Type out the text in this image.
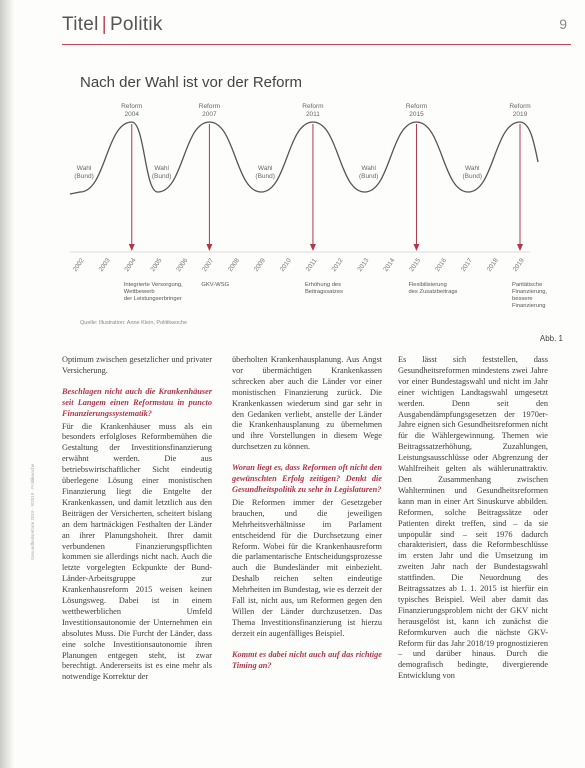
Titel | Politik	9
Nach der Wahl ist vor der Reform
Reform 2004
Reform 2007
Reform 2011
Reform 2015
Reform 2019
Wahl (Bund)
Wahl (Bund)
Wahl (Bund)
Wahl (Bund)
Wahl (Bund)
2002 2003 2004 2005 2006 2007 2008 2009 2010 2011 2012 2013 2014 2015 2016 2017 2018 2019
Integrierte Versorgung, Wettbewerb der Leistungserbringer
GKV-WSG	Erhöhung des Beitragssatzes
Flexibilisierung des Zusatzbeitrags
Paritätische Finanzierung, bessere Finanzierung
Quelle: Illustration: Anne Klein, Politikwoche
Abb. 1
Gesundheitsreform 2019 · 9/2019 · Politikwoche

Optimum zwischen gesetzlicher und privater Versicherung.

Beschlagen nicht auch die Krankenhäuser seit Langem einen Reformstau in puncto Finanzierungssystematik?

Für die Krankenhäuser muss als ein besonders erfolgloses Reformbemühen die Gestaltung der Investitionsfinanzierung erwähnt werden. Die aus betriebswirtschaftlicher Sicht eindeutig überlegene Lösung einer monistischen Finanzierung liegt die Entgelte der Krankenkassen, und damit letztlich aus den Beiträgen der Versicherten, scheitert bislang an dem hartnäckigen Festhalten der Länder an ihrer Planungshoheit. Ihrer damit verbundenen Finanzierungspflichten kommen sie allerdings nicht nach. Auch die letzte vorgelegten Eckpunkte der Bund-Länder-Arbeitsgruppe zur Krankenhausreform 2015 weisen keinen Lösungsweg. Dabei ist in einem wettbewerblichen Umfeld Investitionsautonomie der Unternehmen ein absolutes Muss. Die Furcht der Länder, dass eine solche Investitionsautonomie ihren Planungen entgegen steht, ist zwar berechtigt. Andererseits ist es eine mehr als notwendige Korrektur der

überholten Krankenhausplanung. Aus Angst vor übermächtigen Krankenkassen schrecken aber auch die Länder vor einer monistischen Finanzierung zurück. Die Krankenkassen wiederum sind gar sehr in den Gedanken verliebt, anstelle der Länder die Krankenhausplanung zu übernehmen und ihre Vorstellungen in diesem Wege durchsetzen zu können.

Woran liegt es, dass Reformen oft nicht den gewünschten Erfolg zeitigen? Denkt die Gesundheitspolitik zu sehr in Legislaturen?

Die Reformen immer der Gesetzgeber brauchen, und die jeweiligen Mehrheitsverhältnisse im Parlament entscheidend für die Durchsetzung einer Reform. Wobei für die Krankenhausreform die parlamentarische Entscheidungsprozesse auch die Bundesländer mit einbezieht. Deshalb reichen selten eindeutige Mehrheiten im Bundestag, wie es derzeit der Fall ist, nicht aus, um Reformen gegen den Willen der Länder durchzusetzen. Das Thema Investitionsfinanzierung ist hierzu derzeit ein augenfälliges Beispiel.

Kommt es dabei nicht auch auf das richtige Timing an?

Es lässt sich feststellen, dass Gesundheitsreformen mindestens zwei Jahre vor einer Bundestagswahl und nicht im Jahr einer wichtigen Landtagswahl umgesetzt werden. Denn seit den Ausgabendämpfungsgesetzen der 1970er-Jahre eignen sich Gesundheitsreformen nicht für die Wählergewinnung. Themen wie Beitragssatzerhöhung, Zuzahlungen, Leistungsausschlüsse oder Abgrenzung der Wahlfreiheit gelten als wählerunattraktiv. Den Zusammenhang zwischen Wahlterminen und Gesundheitsreformen kann man in einer Art Sinuskurve abbilden. Reformen, solche Beitragssätze oder Patienten direkt treffen, sind – da sie unpopulär sind – seit 1976 dadurch charakterisiert, dass die Reformbeschlüsse im ersten Jahr und die Umsetzung im zweiten Jahr nach der Bundestagswahl stattfinden. Die Neuordnung des Beitragssatzes ab 1. 1. 2015 ist hierfür ein typisches Beispiel. Weil aber damit das Finanzierungsproblem nicht der GKV nicht herausgelöst ist, kann ich zunächst die Reformkurven auch die nächste GKV-Reform für das Jahr 2018/19 prognostizieren – und darüber hinaus. Durch die demografisch bedingte, divergierende Entwicklung von
